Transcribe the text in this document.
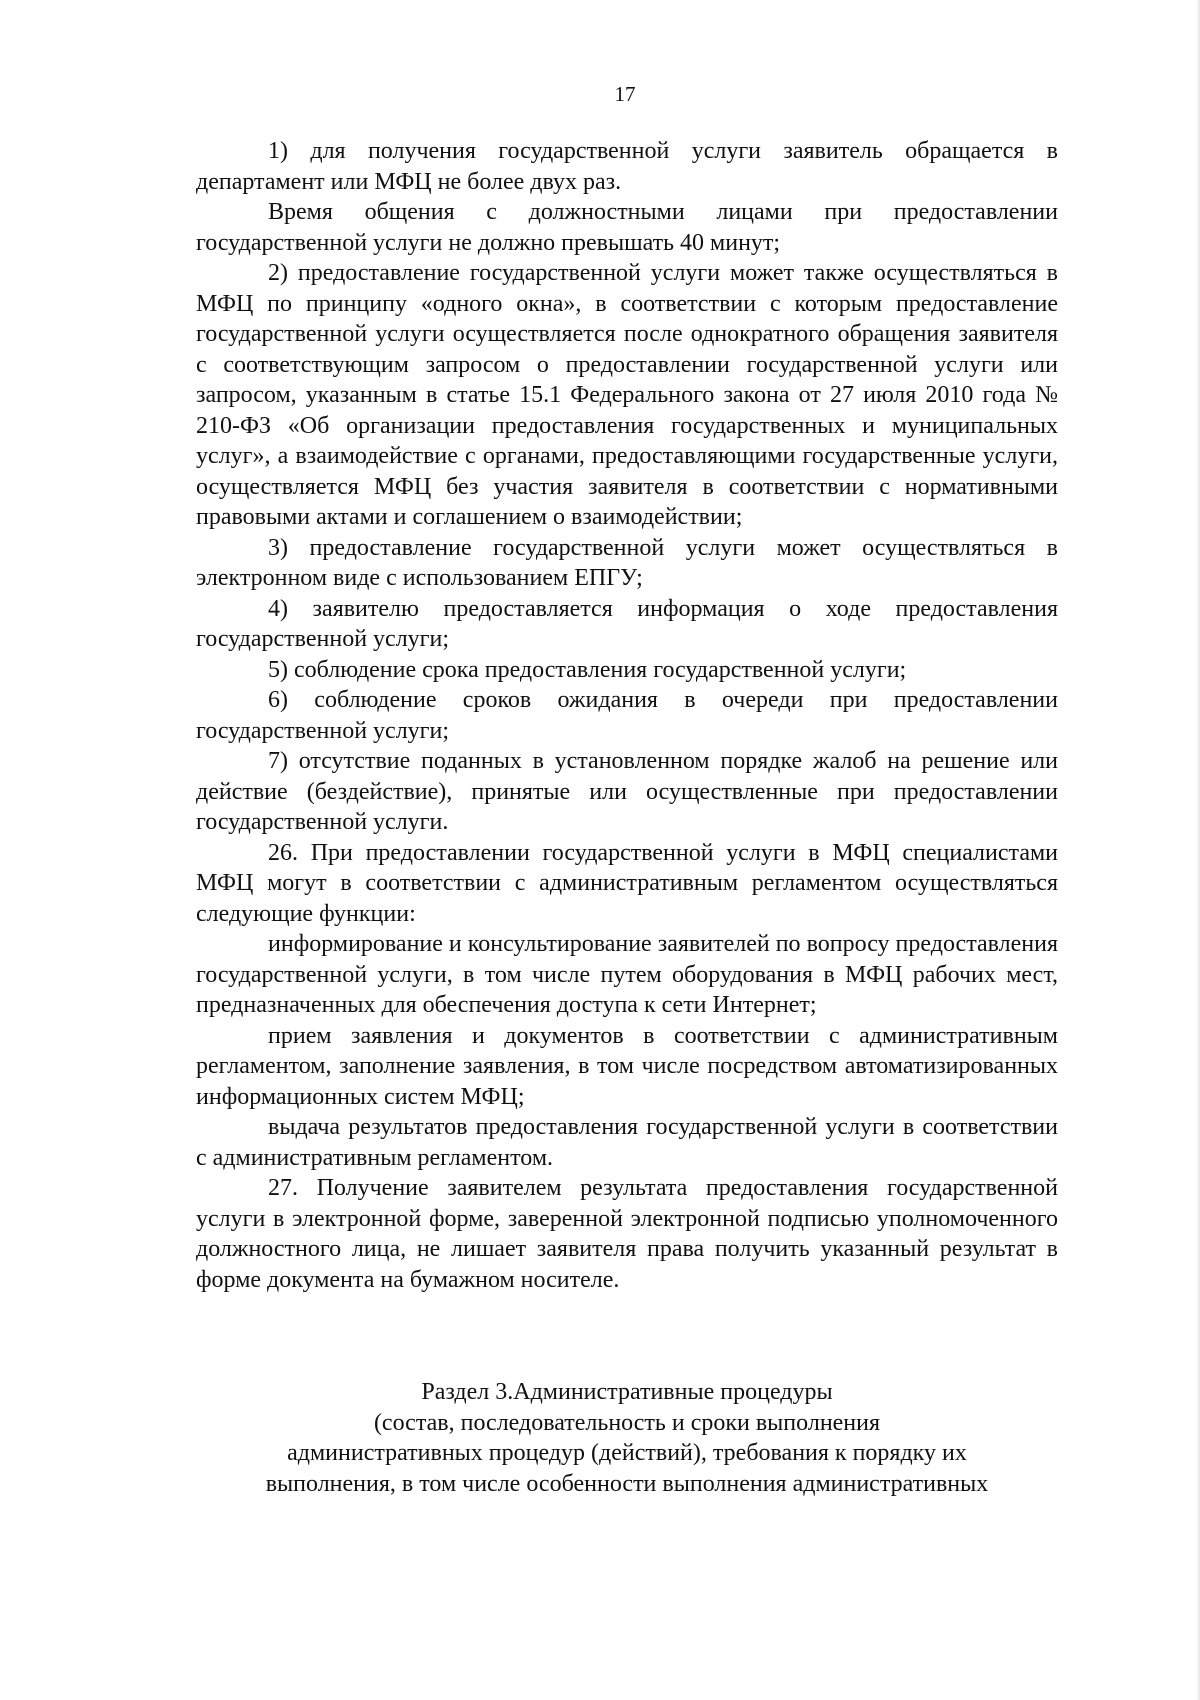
17

1) для получения государственной услуги заявитель обращается в департамент или МФЦ не более двух раз.

Время общения с должностными лицами при предоставлении государственной услуги не должно превышать 40 минут;

2) предоставление государственной услуги может также осуществляться в МФЦ по принципу «одного окна», в соответствии с которым предоставление государственной услуги осуществляется после однократного обращения заявителя с соответствующим запросом о предоставлении государственной услуги или запросом, указанным в статье 15.1 Федерального закона от 27 июля 2010 года № 210-ФЗ «Об организации предоставления государственных и муниципальных услуг», а взаимодействие с органами, предоставляющими государственные услуги, осуществляется МФЦ без участия заявителя в соответствии с нормативными правовыми актами и соглашением о взаимодействии;

3) предоставление государственной услуги может осуществляться в электронном виде с использованием ЕПГУ;

4) заявителю предоставляется информация о ходе предоставления государственной услуги;

5) соблюдение срока предоставления государственной услуги;

6) соблюдение сроков ожидания в очереди при предоставлении государственной услуги;

7) отсутствие поданных в установленном порядке жалоб на решение или действие (бездействие), принятые или осуществленные при предоставлении государственной услуги.

26. При предоставлении государственной услуги в МФЦ специалистами МФЦ могут в соответствии с административным регламентом осуществляться следующие функции:

информирование и консультирование заявителей по вопросу предоставления государственной услуги, в том числе путем оборудования в МФЦ рабочих мест, предназначенных для обеспечения доступа к сети Интернет;

прием заявления и документов в соответствии с административным регламентом, заполнение заявления, в том числе посредством автоматизированных информационных систем МФЦ;

выдача результатов предоставления государственной услуги в соответствии с административным регламентом.

27. Получение заявителем результата предоставления государственной услуги в электронной форме, заверенной электронной подписью уполномоченного должностного лица, не лишает заявителя права получить указанный результат в форме документа на бумажном носителе.

Раздел 3.Административные процедуры
(состав, последовательность и сроки выполнения
административных процедур (действий), требования к порядку их
выполнения, в том числе особенности выполнения административных
